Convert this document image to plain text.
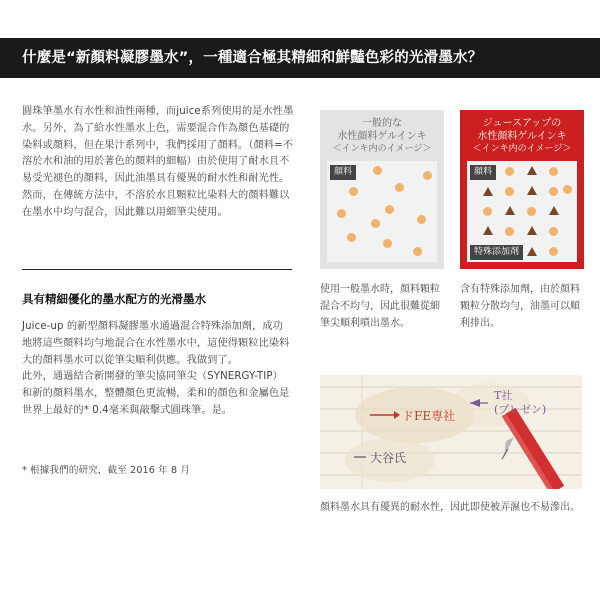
什麼是“新顏料凝膠墨水”，一種適合極其精細和鮮豔色彩的光滑墨水？
圓珠筆墨水有水性和油性兩種，而juice系列使用的是水性墨水。另外，為了給水性墨水上色，需要混合作為顏色基礎的染料或顏料，但在果汁系列中，我們採用了顏料。（顏料=不溶於水和油的用於著色的顏料的細幅）由於使用了耐水且不易受光褪色的顏料，因此油墨具有優異的耐水性和耐光性。然而，在傳統方法中，不溶於水且顆粒比染料大的顏料難以在墨水中均勻混合，因此難以用細筆尖使用。
具有精細優化的墨水配方的光滑墨水
Juice-up 的新型顏料凝膠墨水通過混合特殊添加劑，成功地將這些顏料均勻地混合在水性墨水中，這使得顆粒比染料大的顏料墨水可以從筆尖順利供應。我做到了。
此外，通過結合新開發的筆尖協同筆尖（SYNERGY-TIP）和新的顏料墨水，整體顏色更流暢，柔和的顏色和金屬色是世界上最好的* 0.4毫米與敲擊式圓珠筆。是。
* 根據我們的研究，截至 2016 年 8 月
一般的な
水性顔料ゲルインキ
＜インキ内のイメージ＞
顔料
ジュースアップの
水性顔料ゲルインキ
＜インキ内のイメージ＞
顔料
特殊添加剤
使用一般墨水時，顏料顆粒混合不均勻，因此很難從細筆尖順利噴出墨水。
含有特殊添加劑，由於顏料顆粒分散均勻，油墨可以順利排出。
ドFE専社
T社
(プレゼン)
大谷氏
顏料墨水具有優異的耐水性，因此即使被弄濕也不易滲出。
